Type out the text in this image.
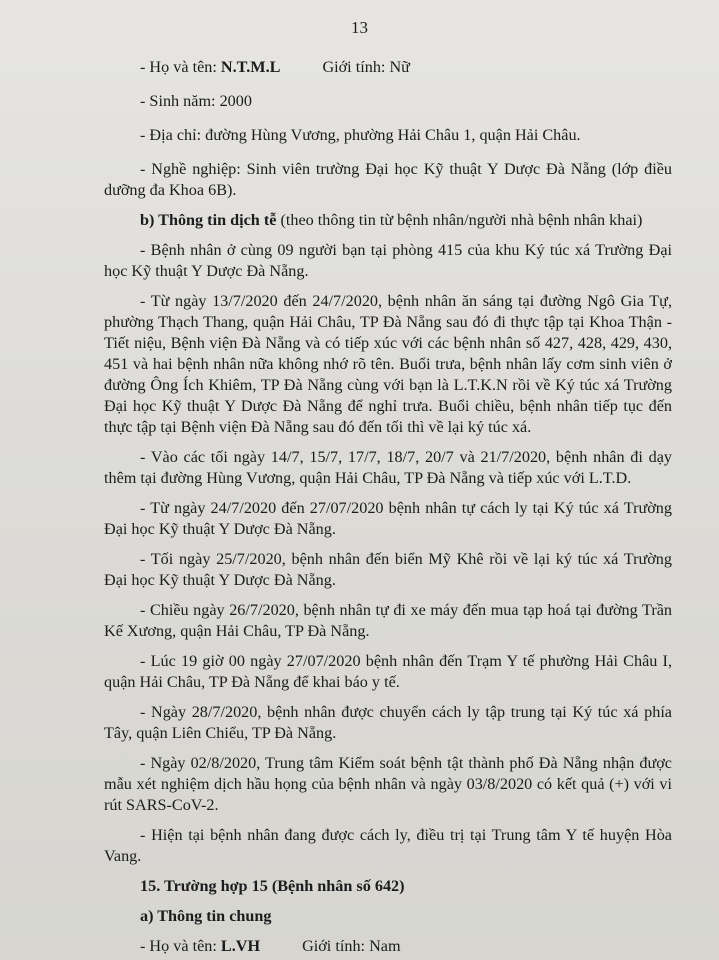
13
- Họ và tên: N.T.M.L	Giới tính: Nữ

- Sinh năm: 2000

- Địa chỉ: đường Hùng Vương, phường Hải Châu 1, quận Hải Châu.

- Nghề nghiệp: Sinh viên trường Đại học Kỹ thuật Y Dược Đà Nẵng (lớp điều dưỡng đa Khoa 6B).

b) Thông tin dịch tễ (theo thông tin từ bệnh nhân/người nhà bệnh nhân khai)

- Bệnh nhân ở cùng 09 người bạn tại phòng 415 của khu Ký túc xá Trường Đại học Kỹ thuật Y Dược Đà Nẵng.

- Từ ngày 13/7/2020 đến 24/7/2020, bệnh nhân ăn sáng tại đường Ngô Gia Tự, phường Thạch Thang, quận Hải Châu, TP Đà Nẵng sau đó đi thực tập tại Khoa Thận - Tiết niệu, Bệnh viện Đà Nẵng và có tiếp xúc với các bệnh nhân số 427, 428, 429, 430, 451 và hai bệnh nhân nữa không nhớ rõ tên. Buổi trưa, bệnh nhân lấy cơm sinh viên ở đường Ông Ích Khiêm, TP Đà Nẵng cùng với bạn là L.T.K.N rồi về Ký túc xá Trường Đại học Kỹ thuật Y Dược Đà Nẵng để nghỉ trưa. Buổi chiều, bệnh nhân tiếp tục đến thực tập tại Bệnh viện Đà Nẵng sau đó đến tối thì về lại ký túc xá.

- Vào các tối ngày 14/7, 15/7, 17/7, 18/7, 20/7 và 21/7/2020, bệnh nhân đi dạy thêm tại đường Hùng Vương, quận Hải Châu, TP Đà Nẵng và tiếp xúc với L.T.D.

- Từ ngày 24/7/2020 đến 27/07/2020 bệnh nhân tự cách ly tại Ký túc xá Trường Đại học Kỹ thuật Y Dược Đà Nẵng.

- Tối ngày 25/7/2020, bệnh nhân đến biển Mỹ Khê rồi về lại ký túc xá Trường Đại học Kỹ thuật Y Dược Đà Nẵng.

- Chiều ngày 26/7/2020, bệnh nhân tự đi xe máy đến mua tạp hoá tại đường Trần Kế Xương, quận Hải Châu, TP Đà Nẵng.

- Lúc 19 giờ 00 ngày 27/07/2020 bệnh nhân đến Trạm Y tế phường Hải Châu I, quận Hải Châu, TP Đà Nẵng để khai báo y tế.

- Ngày 28/7/2020, bệnh nhân được chuyển cách ly tập trung tại Ký túc xá phía Tây, quận Liên Chiểu, TP Đà Nẵng.

- Ngày 02/8/2020, Trung tâm Kiểm soát bệnh tật thành phố Đà Nẵng nhận được mẫu xét nghiệm dịch hầu họng của bệnh nhân và ngày 03/8/2020 có kết quả (+) với vi rút SARS-CoV-2.

- Hiện tại bệnh nhân đang được cách ly, điều trị tại Trung tâm Y tế huyện Hòa Vang.

15. Trường hợp 15 (Bệnh nhân số 642)

a) Thông tin chung

- Họ và tên: L.VH	Giới tính: Nam
